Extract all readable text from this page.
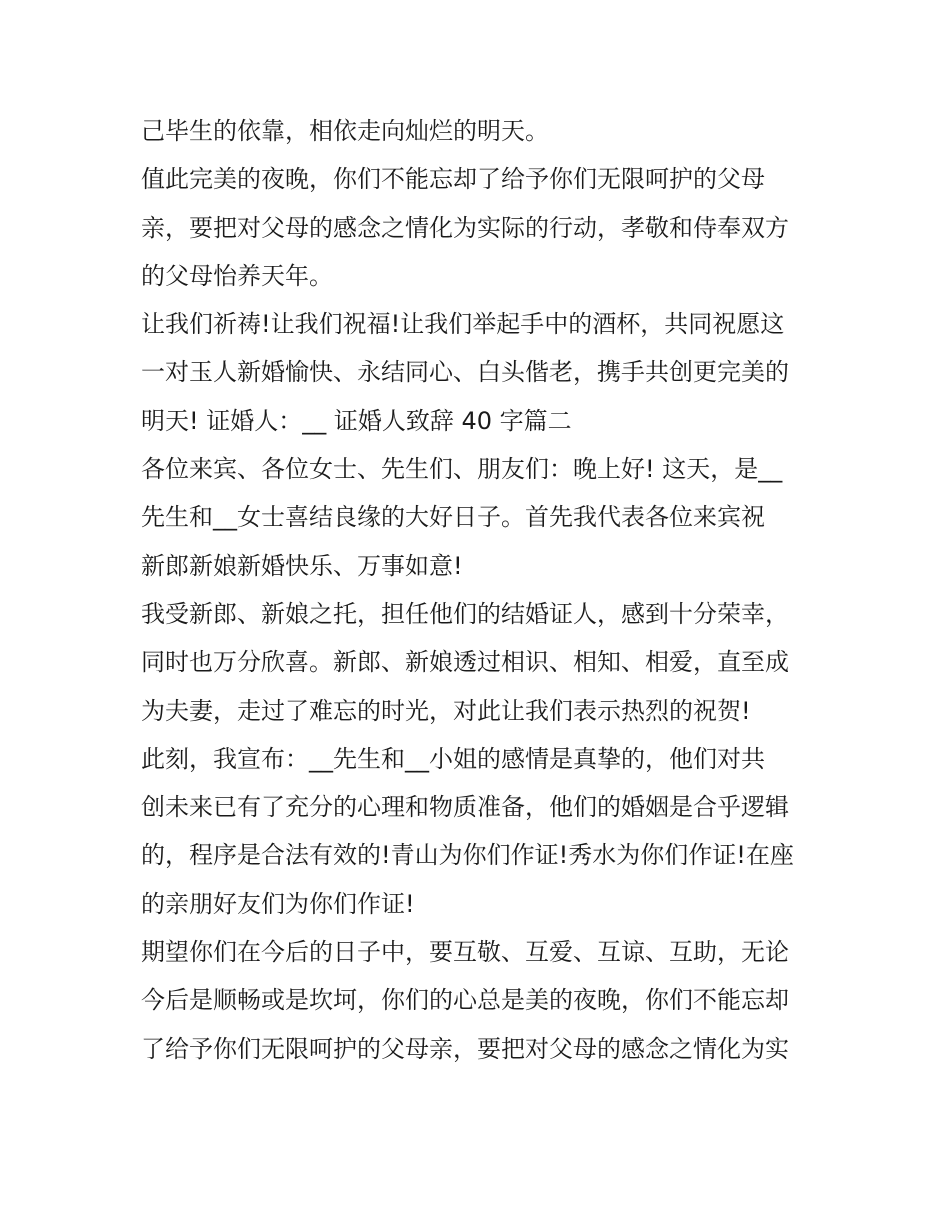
己毕生的依靠，相依走向灿烂的明天。
值此完美的夜晚，你们不能忘却了给予你们无限呵护的父母
亲，要把对父母的感念之情化为实际的行动，孝敬和侍奉双方
的父母怡养天年。
让我们祈祷!让我们祝福!让我们举起手中的酒杯，共同祝愿这
一对玉人新婚愉快、永结同心、白头偕老，携手共创更完美的
明天! 证婚人：__ 证婚人致辞 40 字篇二
各位来宾、各位女士、先生们、朋友们：晚上好! 这天，是__
先生和__女士喜结良缘的大好日子。首先我代表各位来宾祝
新郎新娘新婚快乐、万事如意!
我受新郎、新娘之托，担任他们的结婚证人，感到十分荣幸，
同时也万分欣喜。新郎、新娘透过相识、相知、相爱，直至成
为夫妻，走过了难忘的时光，对此让我们表示热烈的祝贺!
此刻，我宣布：__先生和__小姐的感情是真挚的，他们对共
创未来已有了充分的心理和物质准备，他们的婚姻是合乎逻辑
的，程序是合法有效的!青山为你们作证!秀水为你们作证!在座
的亲朋好友们为你们作证!
期望你们在今后的日子中，要互敬、互爱、互谅、互助，无论
今后是顺畅或是坎坷，你们的心总是美的夜晚，你们不能忘却
了给予你们无限呵护的父母亲，要把对父母的感念之情化为实
